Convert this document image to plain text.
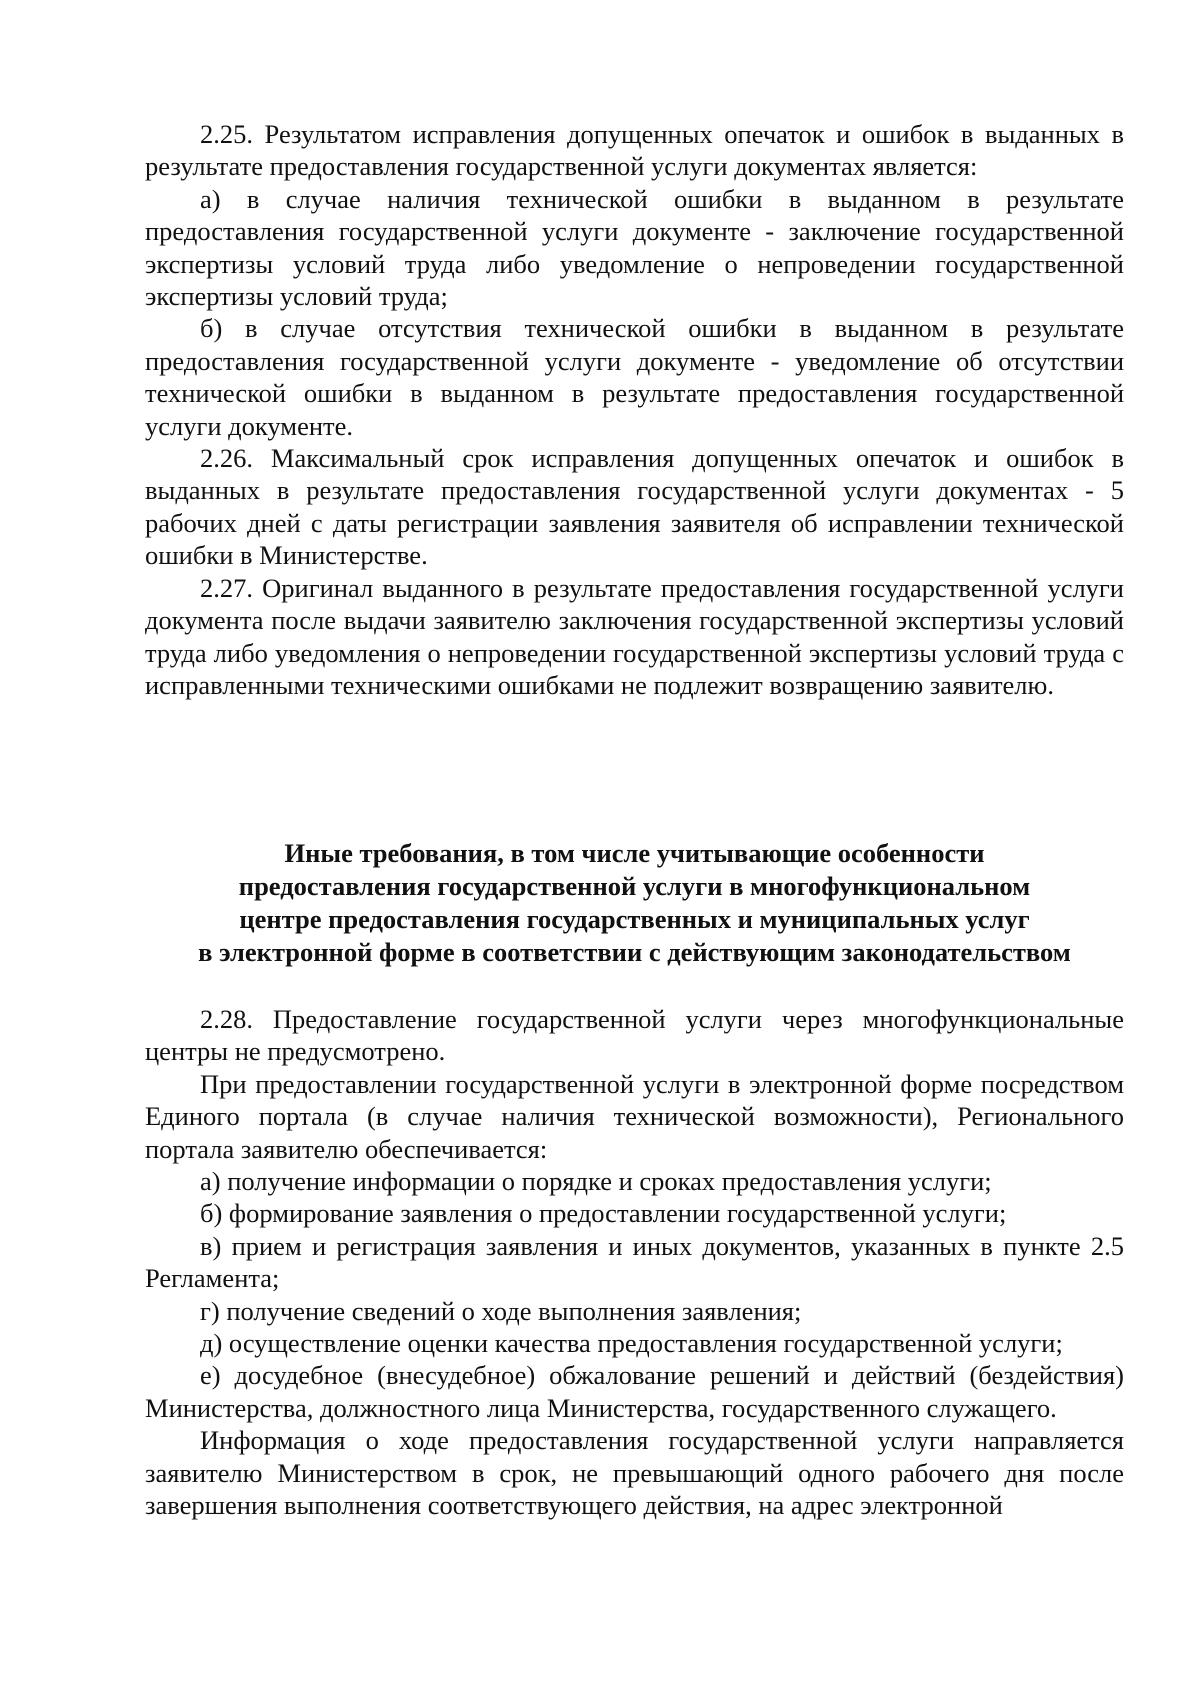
2.25. Результатом исправления допущенных опечаток и ошибок в выданных в результате предоставления государственной услуги документах является:

а) в случае наличия технической ошибки в выданном в результате предоставления государственной услуги документе - заключение государственной экспертизы условий труда либо уведомление о непроведении государственной экспертизы условий труда;

б) в случае отсутствия технической ошибки в выданном в результате предоставления государственной услуги документе - уведомление об отсутствии технической ошибки в выданном в результате предоставления государственной услуги документе.

2.26. Максимальный срок исправления допущенных опечаток и ошибок в выданных в результате предоставления государственной услуги документах - 5 рабочих дней с даты регистрации заявления заявителя об исправлении технической ошибки в Министерстве.

2.27. Оригинал выданного в результате предоставления государственной услуги документа после выдачи заявителю заключения государственной экспертизы условий труда либо уведомления о непроведении государственной экспертизы условий труда с исправленными техническими ошибками не подлежит возвращению заявителю.

Иные требования, в том числе учитывающие особенности
предоставления государственной услуги в многофункциональном
центре предоставления государственных и муниципальных услуг
в электронной форме в соответствии с действующим законодательством

2.28. Предоставление государственной услуги через многофункциональные центры не предусмотрено.

При предоставлении государственной услуги в электронной форме посредством Единого портала (в случае наличия технической возможности), Регионального портала заявителю обеспечивается:

а) получение информации о порядке и сроках предоставления услуги;

б) формирование заявления о предоставлении государственной услуги;

в) прием и регистрация заявления и иных документов, указанных в пункте 2.5 Регламента;

г) получение сведений о ходе выполнения заявления;

д) осуществление оценки качества предоставления государственной услуги;

е) досудебное (внесудебное) обжалование решений и действий (бездействия) Министерства, должностного лица Министерства, государственного служащего.

Информация о ходе предоставления государственной услуги направляется заявителю Министерством в срок, не превышающий одного рабочего дня после завершения выполнения соответствующего действия, на адрес электронной
